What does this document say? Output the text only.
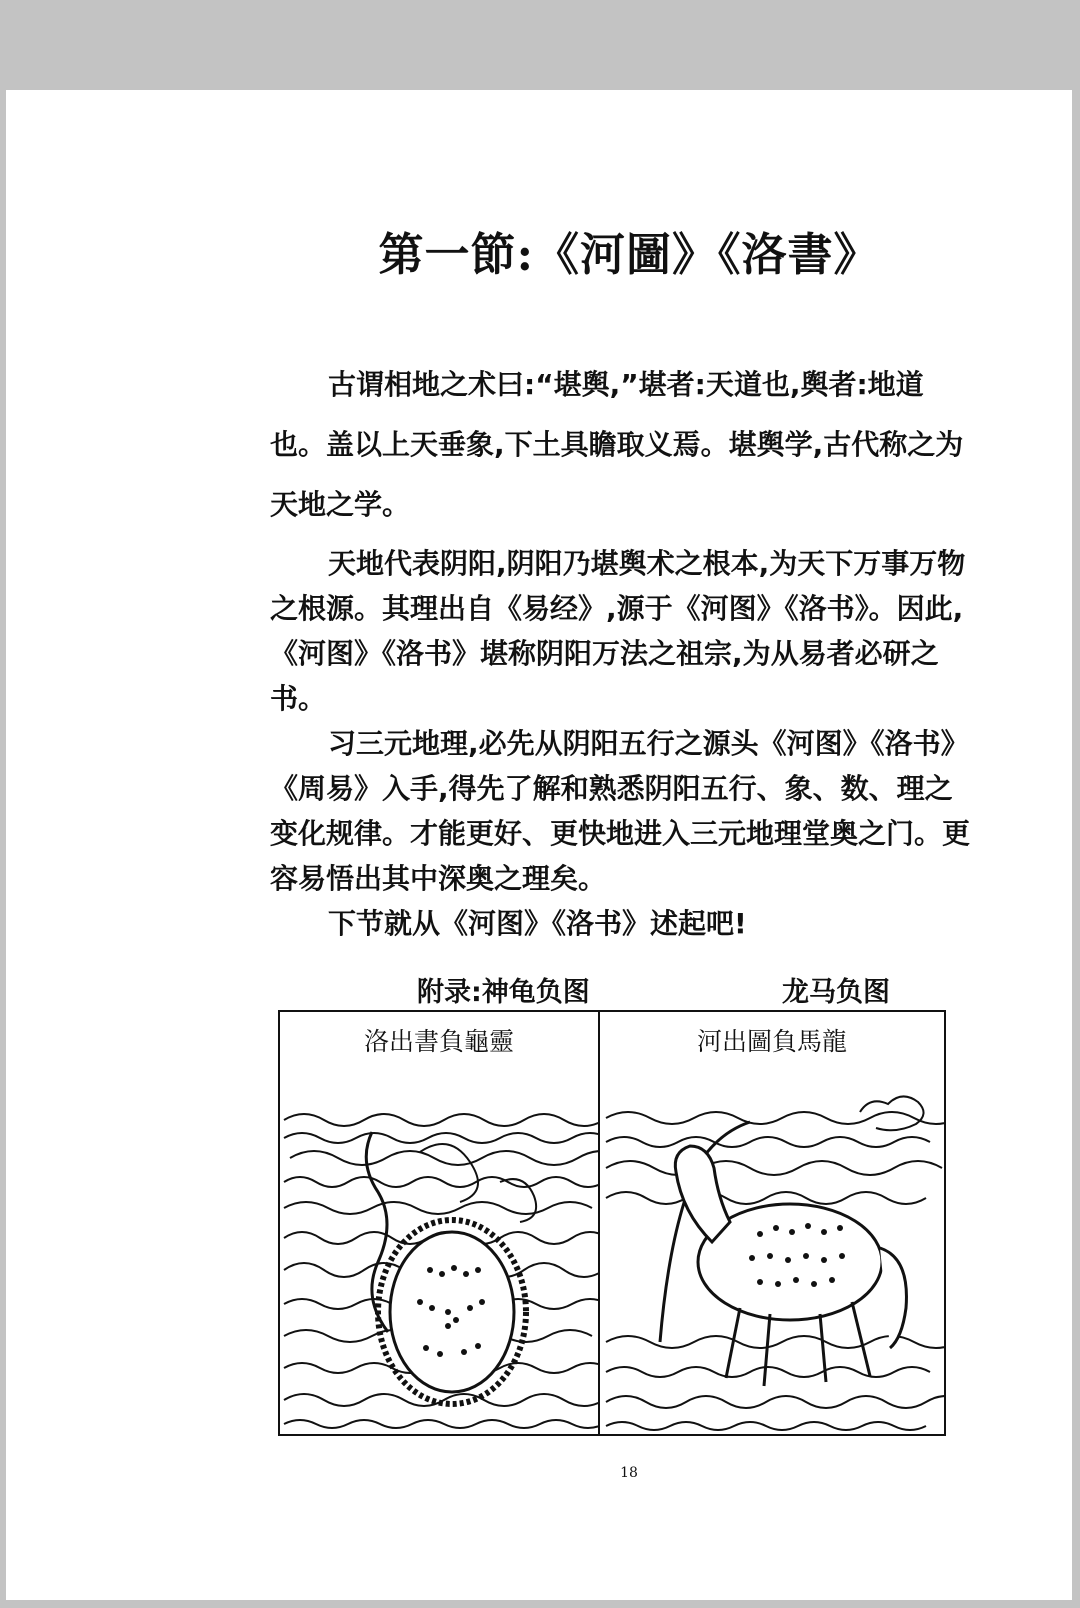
第一節:《河圖》《洛書》

古谓相地之术曰:“堪舆,”堪者:天道也,舆者:地道也。盖以上天垂象,下土具瞻取义焉。堪舆学,古代称之为天地之学。

天地代表阴阳,阴阳乃堪舆术之根本,为天下万事万物之根源。其理出自《易经》,源于《河图》《洛书》。因此,《河图》《洛书》堪称阴阳万法之祖宗,为从易者必研之书。

习三元地理,必先从阴阳五行之源头《河图》《洛书》《周易》入手,得先了解和熟悉阴阳五行、象、数、理之变化规律。才能更好、更快地进入三元地理堂奥之门。更容易悟出其中深奥之理矣。

下节就从《河图》《洛书》述起吧!

附录:神龟负图	龙马负图
洛出書負龜靈	河出圖負馬龍
18
